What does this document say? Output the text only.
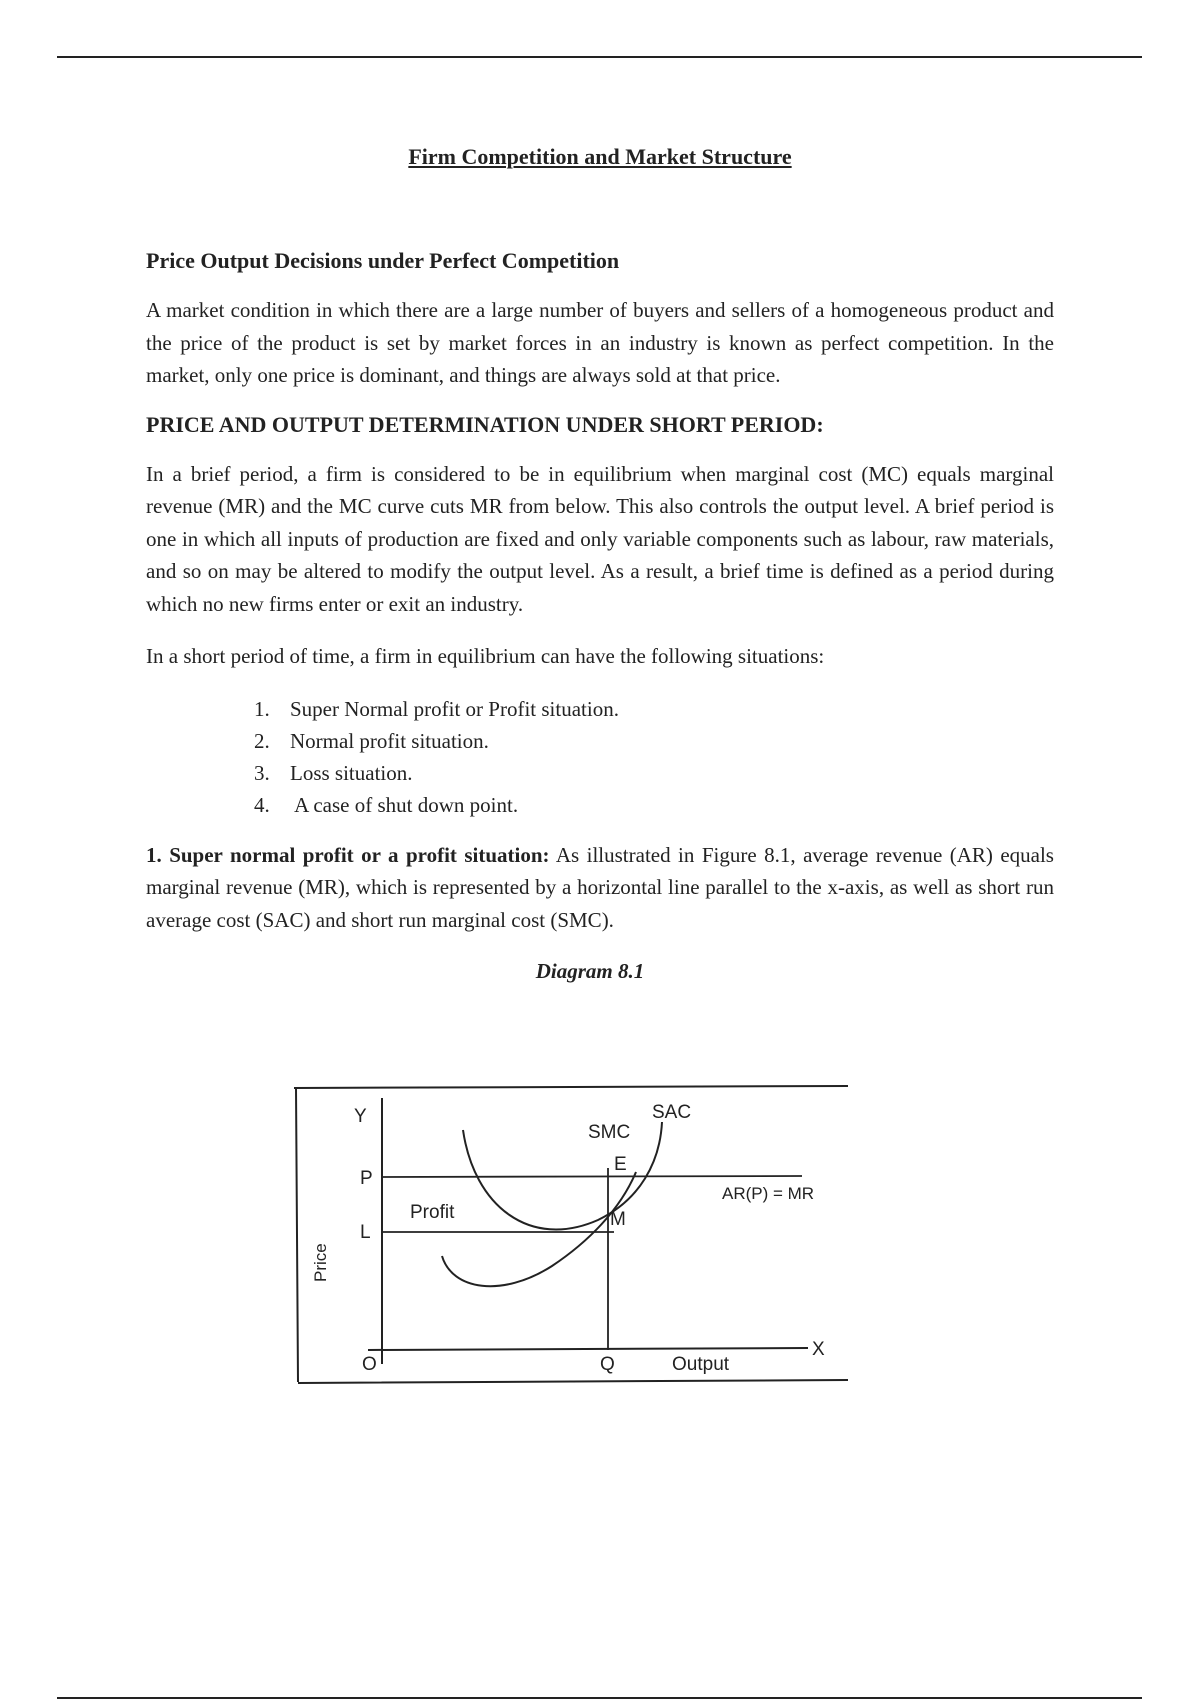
Firm Competition and Market Structure
Price Output Decisions under Perfect Competition

A market condition in which there are a large number of buyers and sellers of a homogeneous product and the price of the product is set by market forces in an industry is known as perfect competition. In the market, only one price is dominant, and things are always sold at that price.

PRICE AND OUTPUT DETERMINATION UNDER SHORT PERIOD:

In a brief period, a firm is considered to be in equilibrium when marginal cost (MC) equals marginal revenue (MR) and the MC curve cuts MR from below. This also controls the output level. A brief period is one in which all inputs of production are fixed and only variable components such as labour, raw materials, and so on may be altered to modify the output level. As a result, a brief time is defined as a period during which no new firms enter or exit an industry.

In a short period of time, a firm in equilibrium can have the following situations:

1. Super Normal profit or Profit situation.
2. Normal profit situation.
3. Loss situation.
4. A case of shut down point.

1. Super normal profit or a profit situation: As illustrated in Figure 8.1, average revenue (AR) equals marginal revenue (MR), which is represented by a horizontal line parallel to the x-axis, as well as short run average cost (SAC) and short run marginal cost (SMC).

Diagram 8.1
Y
X
O
P
L
Q
E
M
Profit
SMC
SAC
AR(P) = MR
Price
Output
